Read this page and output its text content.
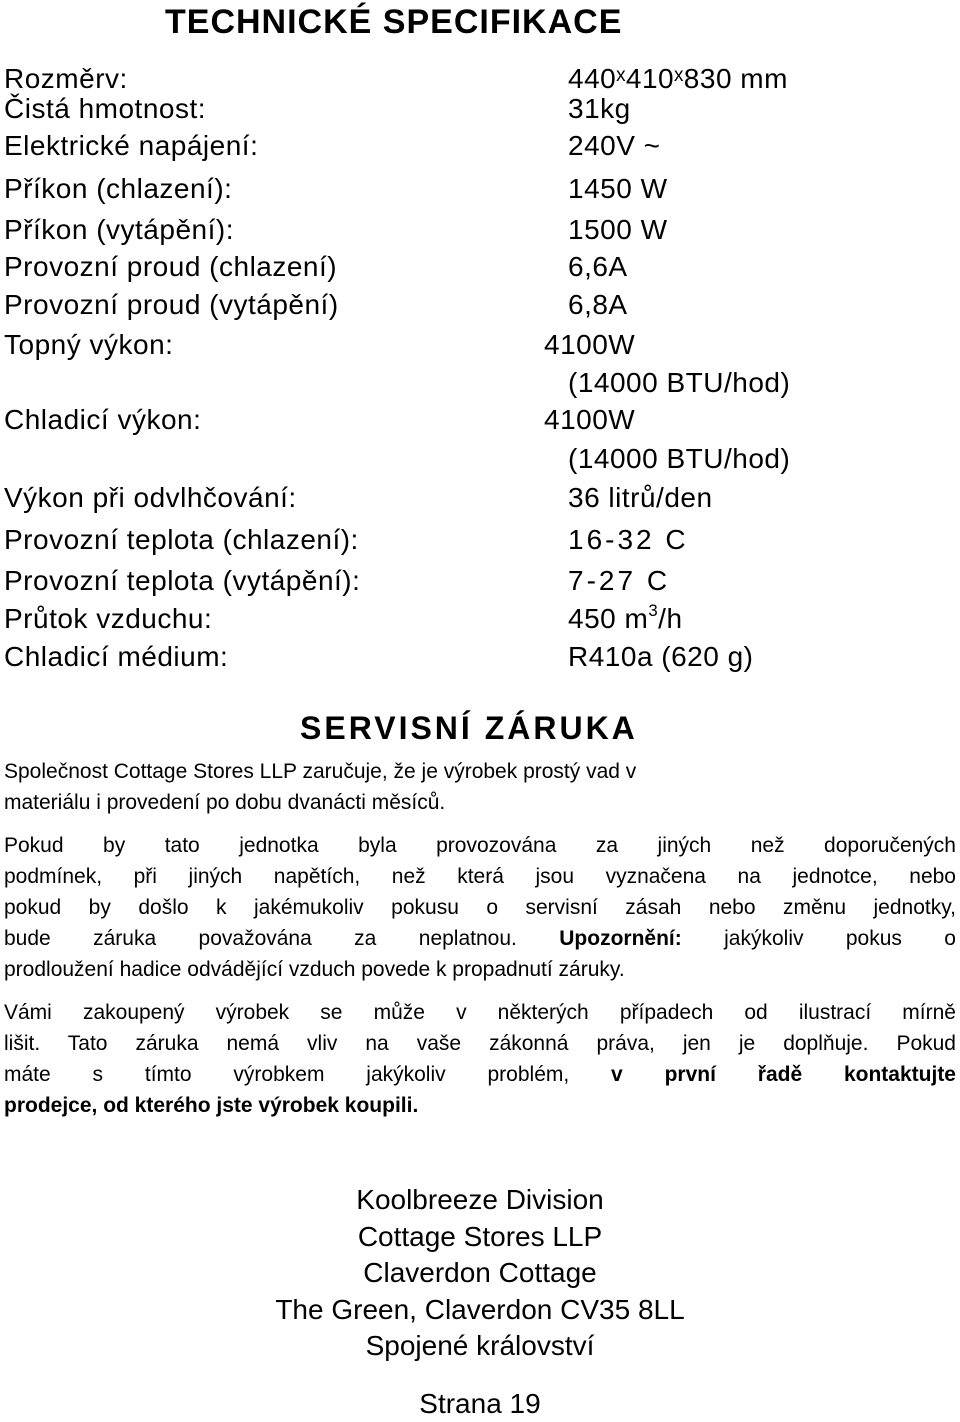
TECHNICKÉ SPECIFIKACE
Rozměrv:	440ˣ410ˣ830 mm
Čistá hmotnost:	31kg
Elektrické napájení:	240V ~
Příkon (chlazení):	1450 W
Příkon (vytápění):	1500 W
Provozní proud (chlazení)	6,6A
Provozní proud (vytápění)	6,8A
Topný výkon:	4100W
(14000 BTU/hod)
Chladicí výkon:	4100W
(14000 BTU/hod)
Výkon při odvlhčování:	36 litrů/den
Provozní teplota (chlazení):	16-32 C
Provozní teplota (vytápění):	7-27 C
Průtok vzduchu:	450 $m^3/h$
Chladicí médium:	R410a (620 g)
SERVISNÍ ZÁRUKA
Společnost Cottage Stores LLP zaručuje, že je výrobek prostý vad v
materiálu i provedení po dobu dvanácti měsíců.
Pokud by tato jednotka byla provozována za jiných než doporučených
podmínek, při jiných napětích, než která jsou vyznačena na jednotce, nebo
pokud by došlo k jakémukoliv pokusu o servisní zásah nebo změnu jednotky,
bude záruka považována za neplatnou. Upozornění: jakýkoliv pokus o
prodloužení hadice odvádějící vzduch povede k propadnutí záruky.
Vámi zakoupený výrobek se může v některých případech od ilustrací mírně
lišit. Tato záruka nemá vliv na vaše zákonná práva, jen je doplňuje. Pokud
máte s tímto výrobkem jakýkoliv problém, v první řadě kontaktujte
prodejce, od kterého jste výrobek koupili.
Koolbreeze Division
Cottage Stores LLP
Claverdon Cottage
The Green, Claverdon CV35 8LL
Spojené království
Strana 19
